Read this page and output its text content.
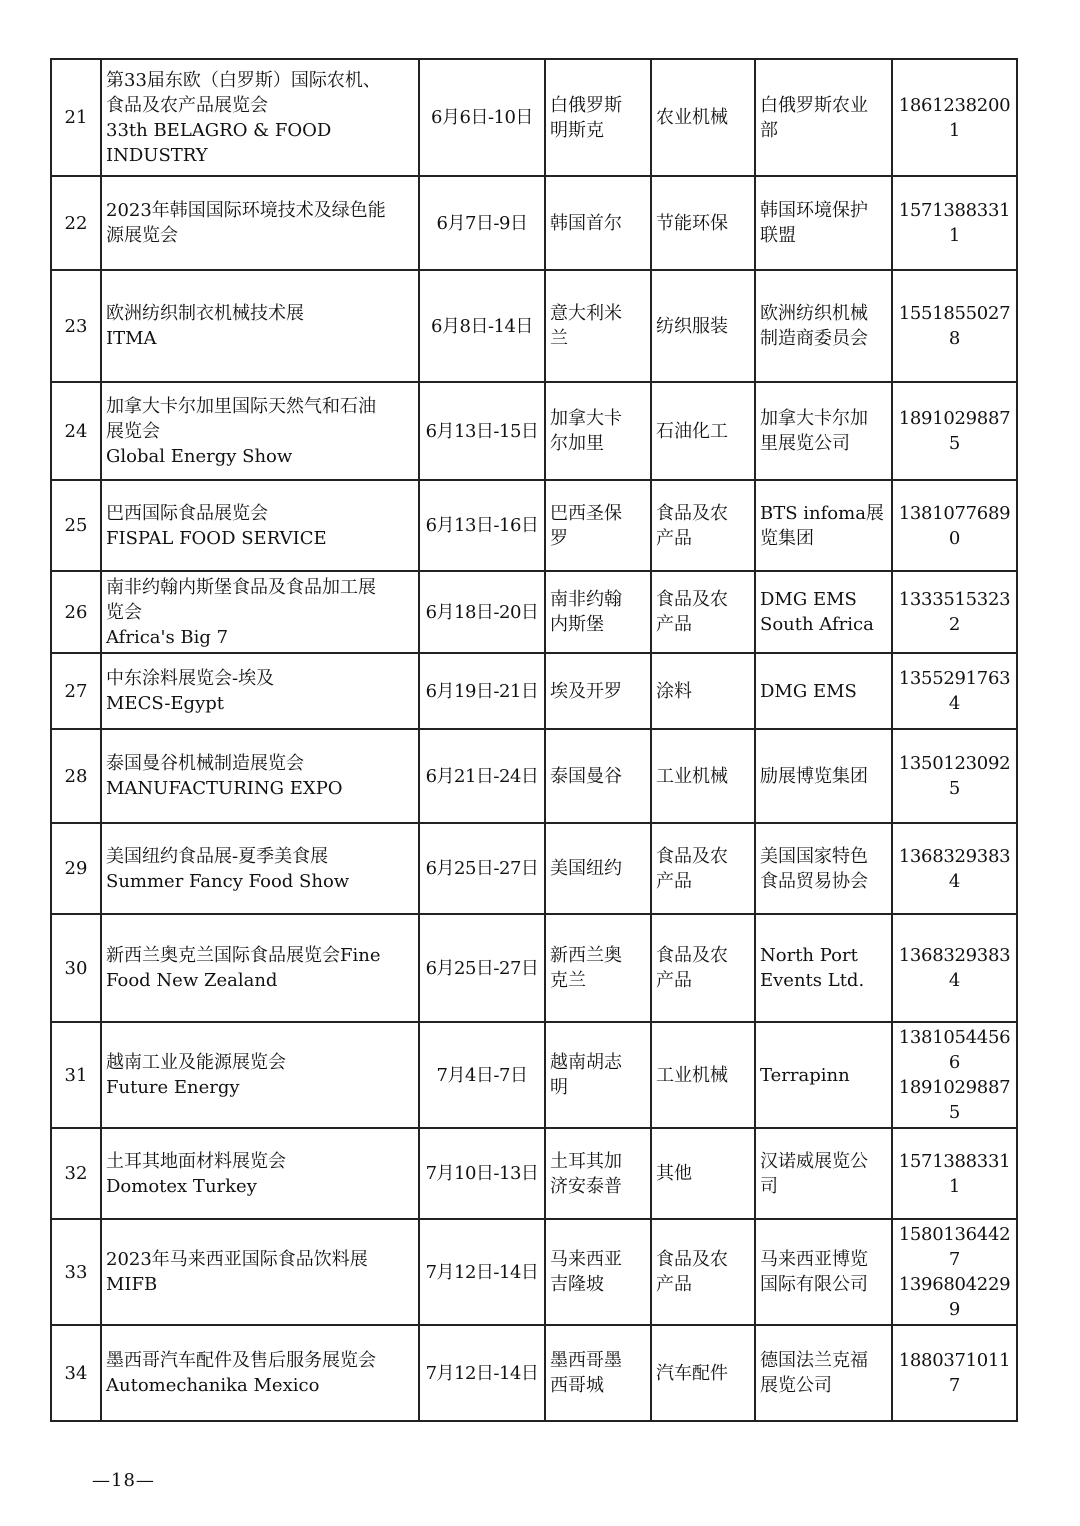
21	第33届东欧（白罗斯）国际农机、
食品及农产品展览会
33th BELAGRO & FOOD
INDUSTRY	6月6日-10日	白俄罗斯
明斯克	农业机械	白俄罗斯农业
部	18612382001
22	2023年韩国国际环境技术及绿色能
源展览会	6月7日-9日	韩国首尔	节能环保	韩国环境保护
联盟	15713883311
23	欧洲纺织制衣机械技术展
ITMA	6月8日-14日	意大利米
兰	纺织服装	欧洲纺织机械
制造商委员会	15518550278
24	加拿大卡尔加里国际天然气和石油
展览会
Global Energy Show	6月13日-15日	加拿大卡
尔加里	石油化工	加拿大卡尔加
里展览公司	18910298875
25	巴西国际食品展览会
FISPAL FOOD SERVICE	6月13日-16日	巴西圣保
罗	食品及农
产品	BTS infoma展
览集团	13810776890
26	南非约翰内斯堡食品及食品加工展
览会
Africa's Big 7	6月18日-20日	南非约翰
内斯堡	食品及农
产品	DMG EMS
South Africa	13335153232
27	中东涂料展览会-埃及
MECS-Egypt	6月19日-21日	埃及开罗	涂料	DMG EMS	13552917634
28	泰国曼谷机械制造展览会
MANUFACTURING EXPO	6月21日-24日	泰国曼谷	工业机械	励展博览集团	13501230925
29	美国纽约食品展-夏季美食展
Summer Fancy Food Show	6月25日-27日	美国纽约	食品及农
产品	美国国家特色
食品贸易协会	13683293834
30	新西兰奥克兰国际食品展览会Fine
Food New Zealand	6月25日-27日	新西兰奥
克兰	食品及农
产品	North Port
Events Ltd.	13683293834
31	越南工业及能源展览会
Future Energy	7月4日-7日	越南胡志
明	工业机械	Terrapinn	13810544566
18910298875
32	土耳其地面材料展览会
Domotex Turkey	7月10日-13日	土耳其加
济安泰普	其他	汉诺威展览公
司	15713883311
33	2023年马来西亚国际食品饮料展
MIFB	7月12日-14日	马来西亚
吉隆坡	食品及农
产品	马来西亚博览
国际有限公司	15801364427
13968042299
34	墨西哥汽车配件及售后服务展览会
Automechanika Mexico	7月12日-14日	墨西哥墨
西哥城	汽车配件	德国法兰克福
展览公司	18803710117
—18—
